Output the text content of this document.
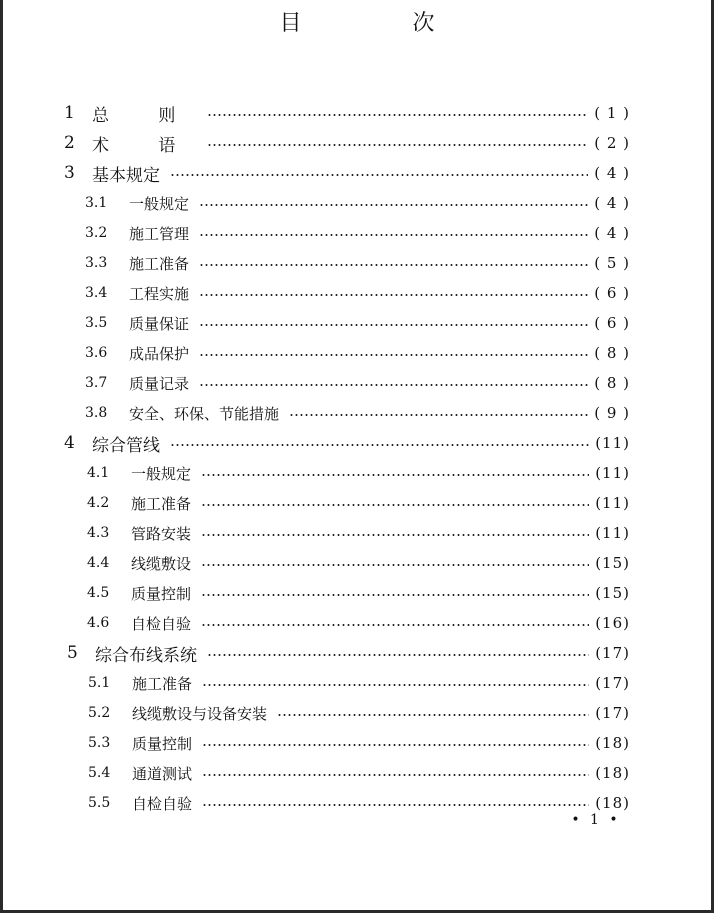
目 次
1	总 则	( 1 )
2	术 语	( 2 )
3	基本规定	( 4 )
3.1	一般规定	( 4 )
3.2	施工管理	( 4 )
3.3	施工准备	( 5 )
3.4	工程实施	( 6 )
3.5	质量保证	( 6 )
3.6	成品保护	( 8 )
3.7	质量记录	( 8 )
3.8	安全、环保、节能措施	( 9 )
4	综合管线	(11)
4.1	一般规定	(11)
4.2	施工准备	(11)
4.3	管路安装	(11)
4.4	线缆敷设	(15)
4.5	质量控制	(15)
4.6	自检自验	(16)
5	综合布线系统	(17)
5.1	施工准备	(17)
5.2	线缆敷设与设备安装	(17)
5.3	质量控制	(18)
5.4	通道测试	(18)
5.5	自检自验	(18)
• 1 •
